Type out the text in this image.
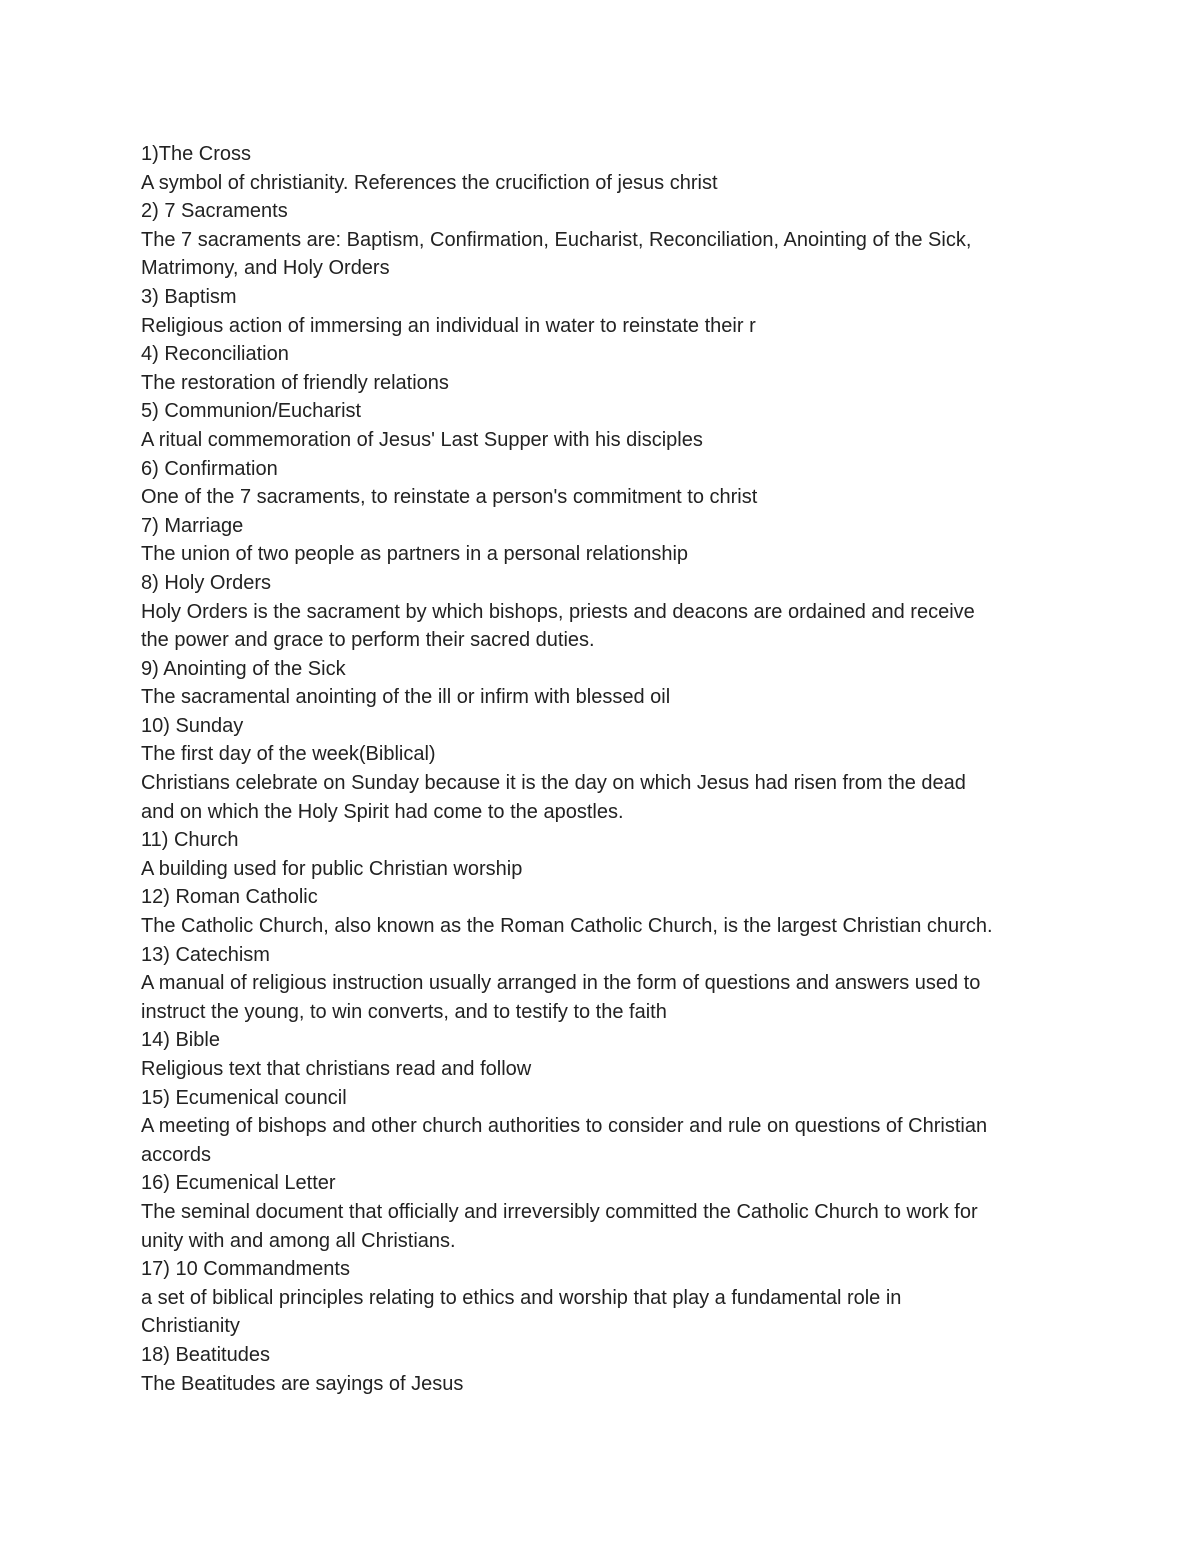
1)The Cross

A symbol of christianity. References the crucifiction of jesus christ

2) 7 Sacraments

The 7 sacraments are: Baptism, Confirmation, Eucharist, Reconciliation, Anointing of the Sick,

Matrimony, and Holy Orders

3) Baptism

Religious action of immersing an individual in water to reinstate their r

4) Reconciliation

The restoration of friendly relations

5) Communion/Eucharist

A ritual commemoration of Jesus' Last Supper with his disciples

6) Confirmation

One of the 7 sacraments, to reinstate a person's commitment to christ

7) Marriage

The union of two people as partners in a personal relationship

8) Holy Orders

Holy Orders is the sacrament by which bishops, priests and deacons are ordained and receive

the power and grace to perform their sacred duties.

9) Anointing of the Sick

The sacramental anointing of the ill or infirm with blessed oil

10) Sunday

The first day of the week(Biblical)

Christians celebrate on Sunday because it is the day on which Jesus had risen from the dead

and on which the Holy Spirit had come to the apostles.

11) Church

A building used for public Christian worship

12) Roman Catholic

The Catholic Church, also known as the Roman Catholic Church, is the largest Christian church.

13) Catechism

A manual of religious instruction usually arranged in the form of questions and answers used to

instruct the young, to win converts, and to testify to the faith

14) Bible

Religious text that christians read and follow

15) Ecumenical council

A meeting of bishops and other church authorities to consider and rule on questions of Christian

accords

16) Ecumenical Letter

The seminal document that officially and irreversibly committed the Catholic Church to work for

unity with and among all Christians.

17) 10 Commandments

a set of biblical principles relating to ethics and worship that play a fundamental role in

Christianity

18) Beatitudes

The Beatitudes are sayings of Jesus
